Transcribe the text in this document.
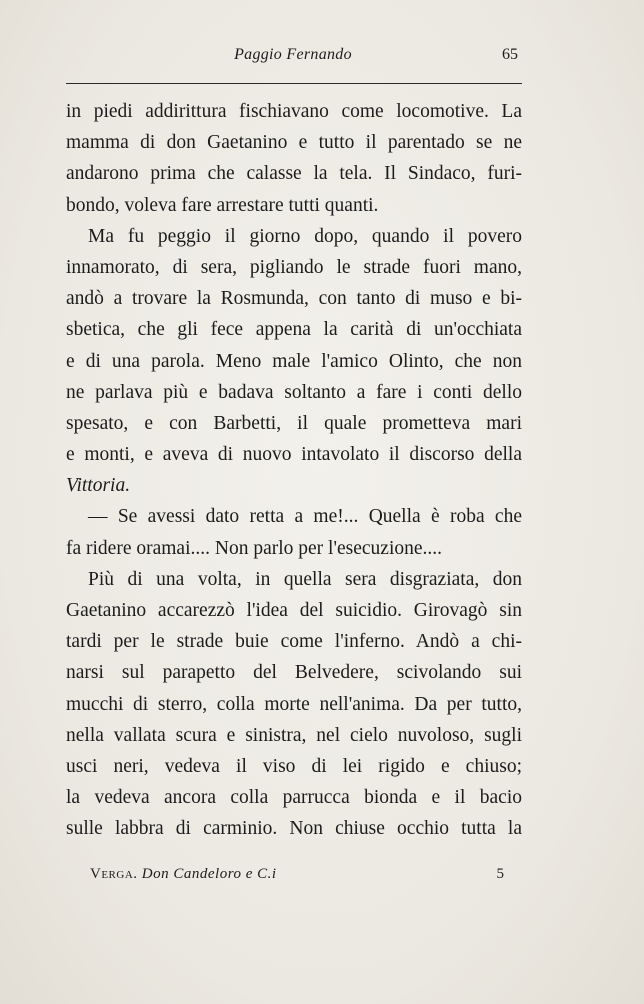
Paggio Fernando	65
in piedi addirittura fischiavano come locomotive. La
mamma di don Gaetanino e tutto il parentado se ne
andarono prima che calasse la tela. Il Sindaco, furi-
bondo, voleva fare arrestare tutti quanti.
Ma fu peggio il giorno dopo, quando il povero
innamorato, di sera, pigliando le strade fuori mano,
andò a trovare la Rosmunda, con tanto di muso e bi-
sbetica, che gli fece appena la carità di un'occhiata
e di una parola. Meno male l'amico Olinto, che non
ne parlava più e badava soltanto a fare i conti dello
spesato, e con Barbetti, il quale prometteva mari
e monti, e aveva di nuovo intavolato il discorso della
Vittoria.
— Se avessi dato retta a me!... Quella è roba che
fa ridere oramai.... Non parlo per l'esecuzione....
Più di una volta, in quella sera disgraziata, don
Gaetanino accarezzò l'idea del suicidio. Girovagò sin
tardi per le strade buie come l'inferno. Andò a chi-
narsi sul parapetto del Belvedere, scivolando sui
mucchi di sterro, colla morte nell'anima. Da per tutto,
nella vallata scura e sinistra, nel cielo nuvoloso, sugli
usci neri, vedeva il viso di lei rigido e chiuso;
la vedeva ancora colla parrucca bionda e il bacio
sulle labbra di carminio. Non chiuse occhio tutta la
Verga. Don Candeloro e C.i	5
